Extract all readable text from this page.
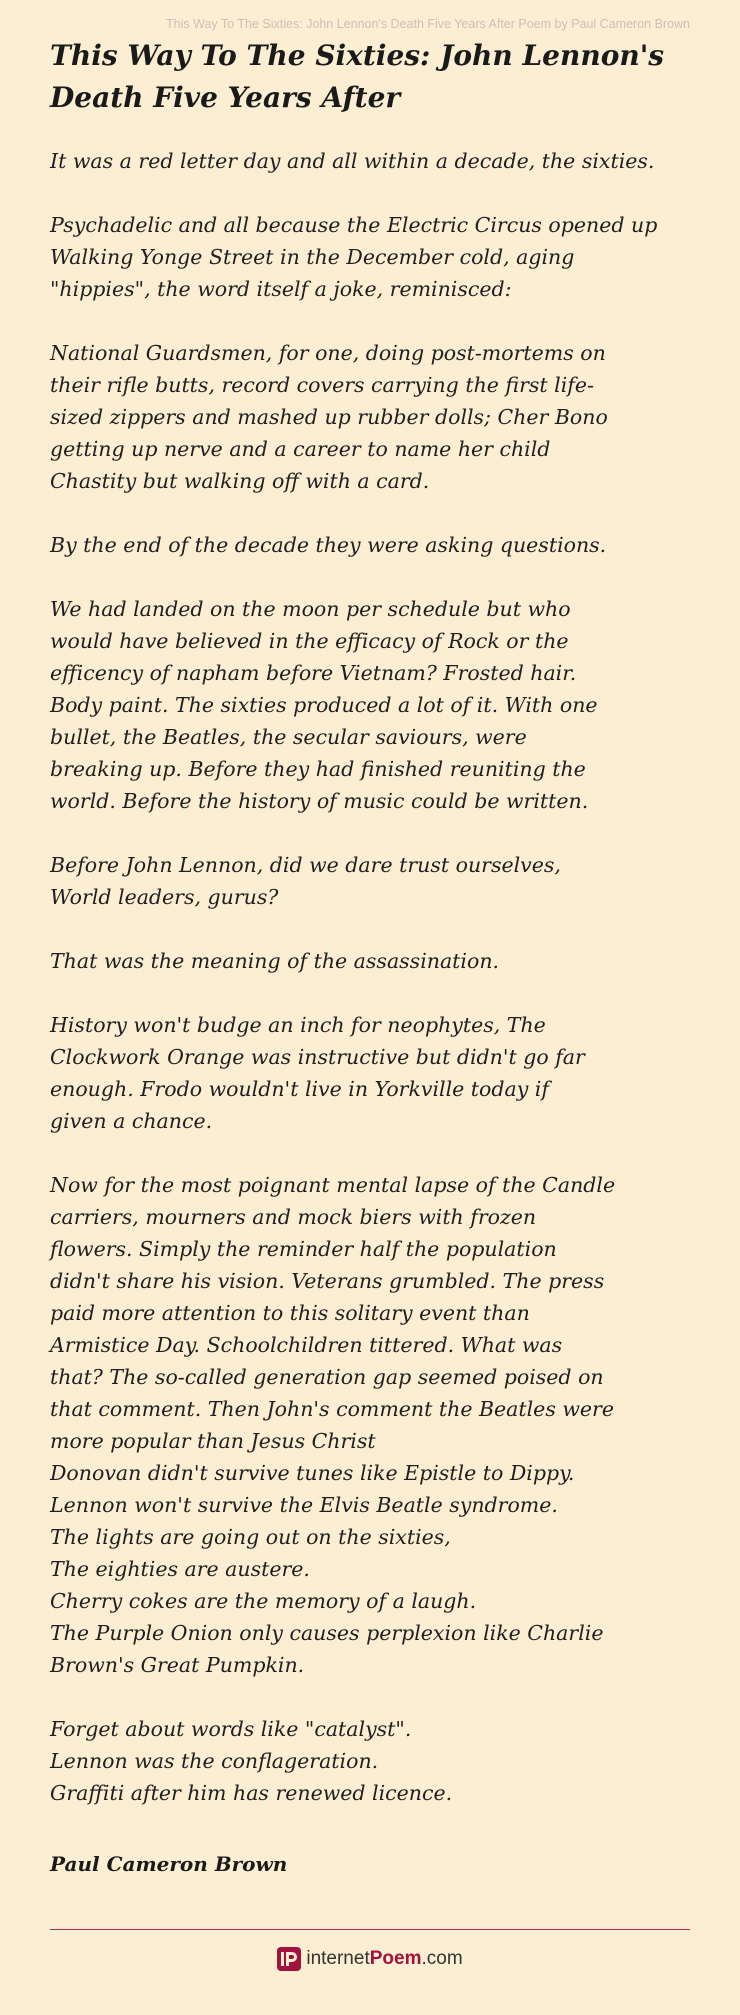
This Way To The Sixties: John Lennon's Death Five Years After Poem by Paul Cameron Brown
This Way To The Sixties: John Lennon's Death Five Years After
It was a red letter day and all within a decade, the sixties.
Psychadelic and all because the Electric Circus opened up
Walking Yonge Street in the December cold, aging
"hippies", the word itself a joke, reminisced:
National Guardsmen, for one, doing post-mortems on
their rifle butts, record covers carrying the first life-
sized zippers and mashed up rubber dolls; Cher Bono
getting up nerve and a career to name her child
Chastity but walking off with a card.
By the end of the decade they were asking questions.
We had landed on the moon per schedule but who
would have believed in the efficacy of Rock or the
efficency of napham before Vietnam? Frosted hair.
Body paint. The sixties produced a lot of it. With one
bullet, the Beatles, the secular saviours, were
breaking up. Before they had finished reuniting the
world. Before the history of music could be written.
Before John Lennon, did we dare trust ourselves,
World leaders, gurus?
That was the meaning of the assassination.
History won't budge an inch for neophytes, The
Clockwork Orange was instructive but didn't go far
enough. Frodo wouldn't live in Yorkville today if
given a chance.
Now for the most poignant mental lapse of the Candle
carriers, mourners and mock biers with frozen
flowers. Simply the reminder half the population
didn't share his vision. Veterans grumbled. The press
paid more attention to this solitary event than
Armistice Day. Schoolchildren tittered. What was
that? The so-called generation gap seemed poised on
that comment. Then John's comment the Beatles were
more popular than Jesus Christ
Donovan didn't survive tunes like Epistle to Dippy.
Lennon won't survive the Elvis Beatle syndrome.
The lights are going out on the sixties,
The eighties are austere.
Cherry cokes are the memory of a laugh.
The Purple Onion only causes perplexion like Charlie
Brown's Great Pumpkin.
Forget about words like "catalyst".
Lennon was the conflageration.
Graffiti after him has renewed licence.
Paul Cameron Brown
internet Poem .com
